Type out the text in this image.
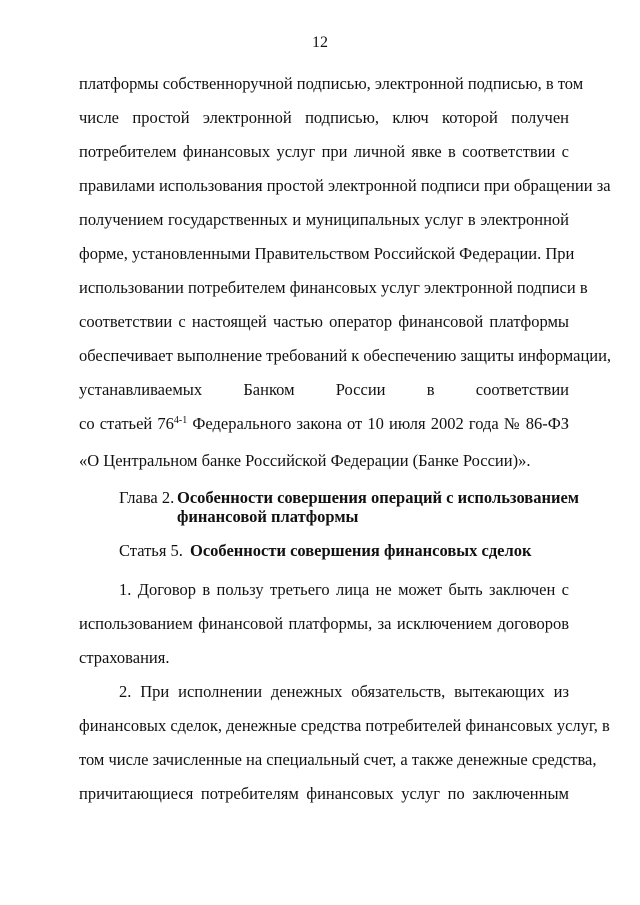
12
платформы собственноручной подписью, электронной подписью, в том
числе простой электронной подписью, ключ которой получен
потребителем финансовых услуг при личной явке в соответствии с
правилами использования простой электронной подписи при обращении за
получением государственных и муниципальных услуг в электронной
форме, установленными Правительством Российской Федерации. При
использовании потребителем финансовых услуг электронной подписи в
соответствии с настоящей частью оператор финансовой платформы
обеспечивает выполнение требований к обеспечению защиты информации,
устанавливаемых Банком России в соответствии
со статьей 76$^{4-1}$ Федерального закона от 10 июля 2002 года № 86-ФЗ
«О Центральном банке Российской Федерации (Банке России)».
Глава 2. Особенности совершения операций с использованием
финансовой платформы
Статья 5. Особенности совершения финансовых сделок
1. Договор в пользу третьего лица не может быть заключен с
использованием финансовой платформы, за исключением договоров
страхования.
2. При исполнении денежных обязательств, вытекающих из
финансовых сделок, денежные средства потребителей финансовых услуг, в
том числе зачисленные на специальный счет, а также денежные средства,
причитающиеся потребителям финансовых услуг по заключенным
